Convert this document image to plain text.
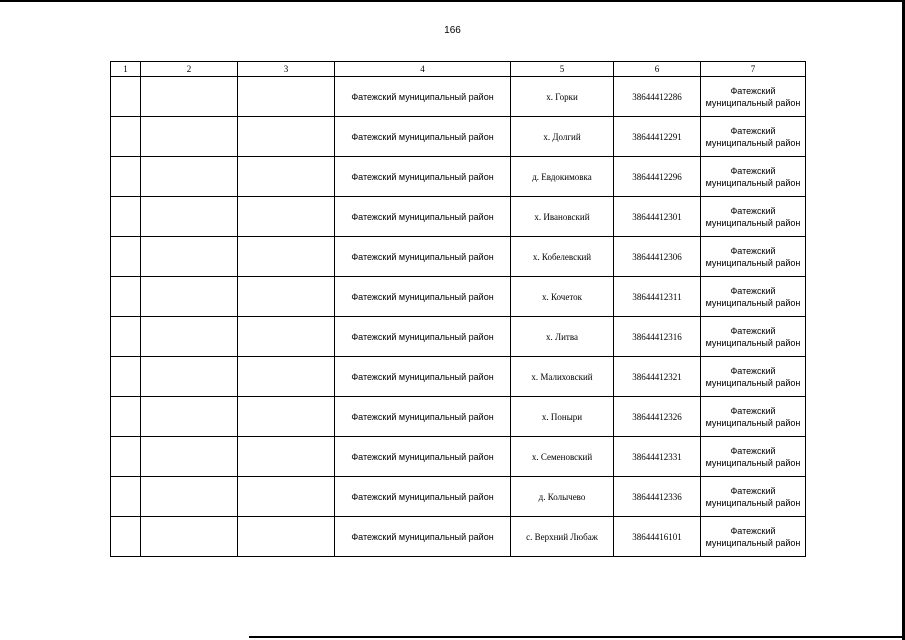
166
1	2	3	4	5	6	7
			Фатежский муниципальный район	х. Горки	38644412286	Фатежский муниципальный район
			Фатежский муниципальный район	х. Долгий	38644412291	Фатежский муниципальный район
			Фатежский муниципальный район	д. Евдокимовка	38644412296	Фатежский муниципальный район
			Фатежский муниципальный район	х. Ивановский	38644412301	Фатежский муниципальный район
			Фатежский муниципальный район	х. Кобелевский	38644412306	Фатежский муниципальный район
			Фатежский муниципальный район	х. Кочеток	38644412311	Фатежский муниципальный район
			Фатежский муниципальный район	х. Литва	38644412316	Фатежский муниципальный район
			Фатежский муниципальный район	х. Малиховский	38644412321	Фатежский муниципальный район
			Фатежский муниципальный район	х. Поныри	38644412326	Фатежский муниципальный район
			Фатежский муниципальный район	х. Семеновский	38644412331	Фатежский муниципальный район
			Фатежский муниципальный район	д. Колычево	38644412336	Фатежский муниципальный район
			Фатежский муниципальный район	с. Верхний Любаж	38644416101	Фатежский муниципальный район
